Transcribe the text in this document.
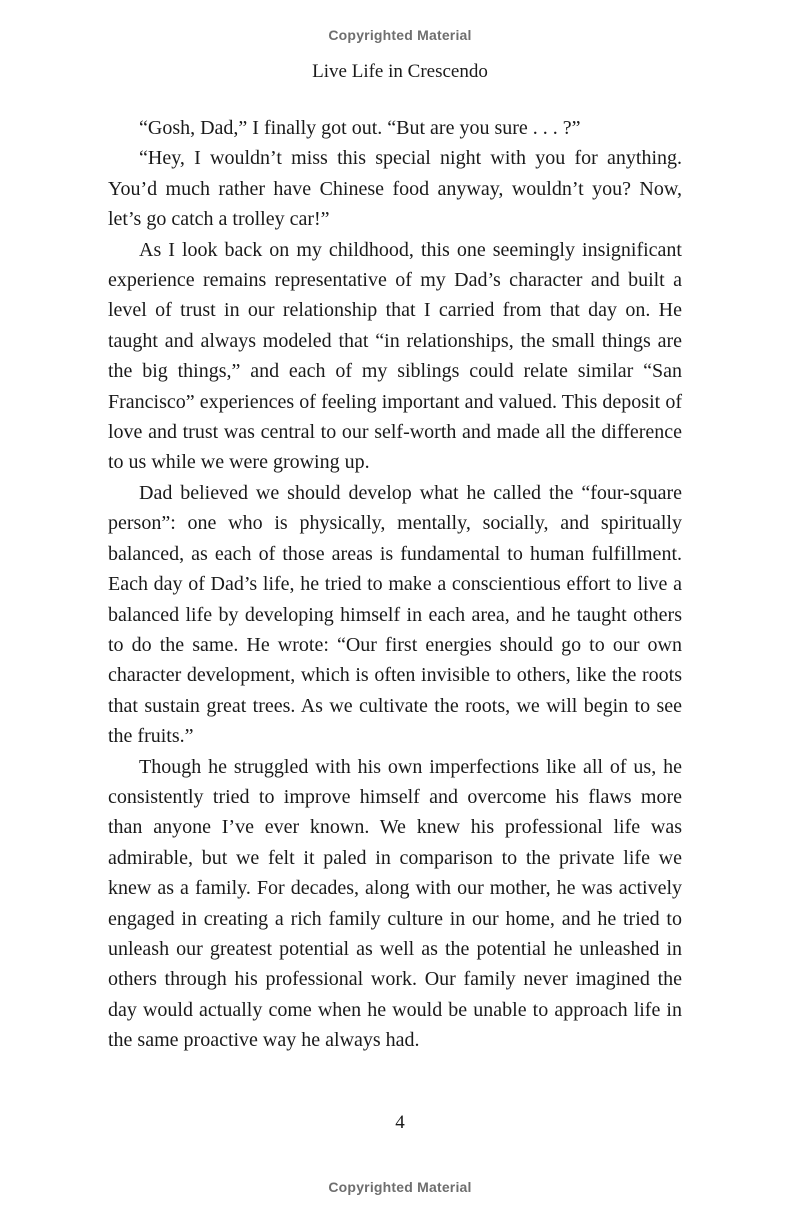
Copyrighted Material
Live Life in Crescendo

“Gosh, Dad,” I finally got out. “But are you sure . . . ?”

“Hey, I wouldn’t miss this special night with you for anything. You’d much rather have Chinese food anyway, wouldn’t you? Now, let’s go catch a trolley car!”

As I look back on my childhood, this one seemingly insignificant experience remains representative of my Dad’s character and built a level of trust in our relationship that I carried from that day on. He taught and always modeled that “in relationships, the small things are the big things,” and each of my siblings could relate similar “San Francisco” experiences of feeling important and valued. This deposit of love and trust was central to our self-worth and made all the difference to us while we were growing up.

Dad believed we should develop what he called the “four-square person”: one who is physically, mentally, socially, and spiritually balanced, as each of those areas is fundamental to human fulfillment. Each day of Dad’s life, he tried to make a conscientious effort to live a balanced life by developing himself in each area, and he taught others to do the same. He wrote: “Our first energies should go to our own character development, which is often invisible to others, like the roots that sustain great trees. As we cultivate the roots, we will begin to see the fruits.”

Though he struggled with his own imperfections like all of us, he consistently tried to improve himself and overcome his flaws more than anyone I’ve ever known. We knew his professional life was admirable, but we felt it paled in comparison to the private life we knew as a family. For decades, along with our mother, he was actively engaged in creating a rich family culture in our home, and he tried to unleash our greatest potential as well as the potential he unleashed in others through his professional work. Our family never imagined the day would actually come when he would be unable to approach life in the same proactive way he always had.

4
Copyrighted Material
